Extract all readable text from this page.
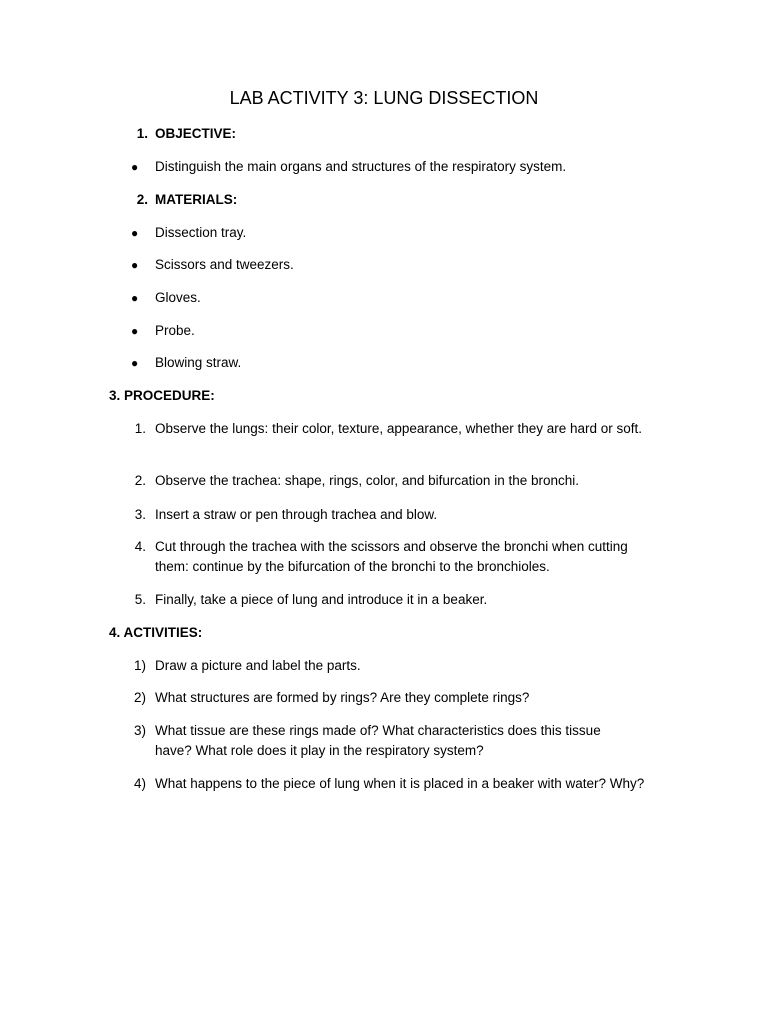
LAB ACTIVITY 3: LUNG DISSECTION
1. OBJECTIVE:
● Distinguish the main organs and structures of the respiratory system.
2. MATERIALS:
● Dissection tray.
● Scissors and tweezers.
● Gloves.
● Probe.
● Blowing straw.
3. PROCEDURE:
1. Observe the lungs: their color, texture, appearance, whether they are hard or soft.
2. Observe the trachea: shape, rings, color, and bifurcation in the bronchi.
3. Insert a straw or pen through trachea and blow.
4. Cut through the trachea with the scissors and observe the bronchi when cutting them: continue by the bifurcation of the bronchi to the bronchioles.
5. Finally, take a piece of lung and introduce it in a beaker.
4. ACTIVITIES:
1) Draw a picture and label the parts.
2) What structures are formed by rings? Are they complete rings?
3) What tissue are these rings made of? What characteristics does this tissue have? What role does it play in the respiratory system?
4) What happens to the piece of lung when it is placed in a beaker with water? Why?
